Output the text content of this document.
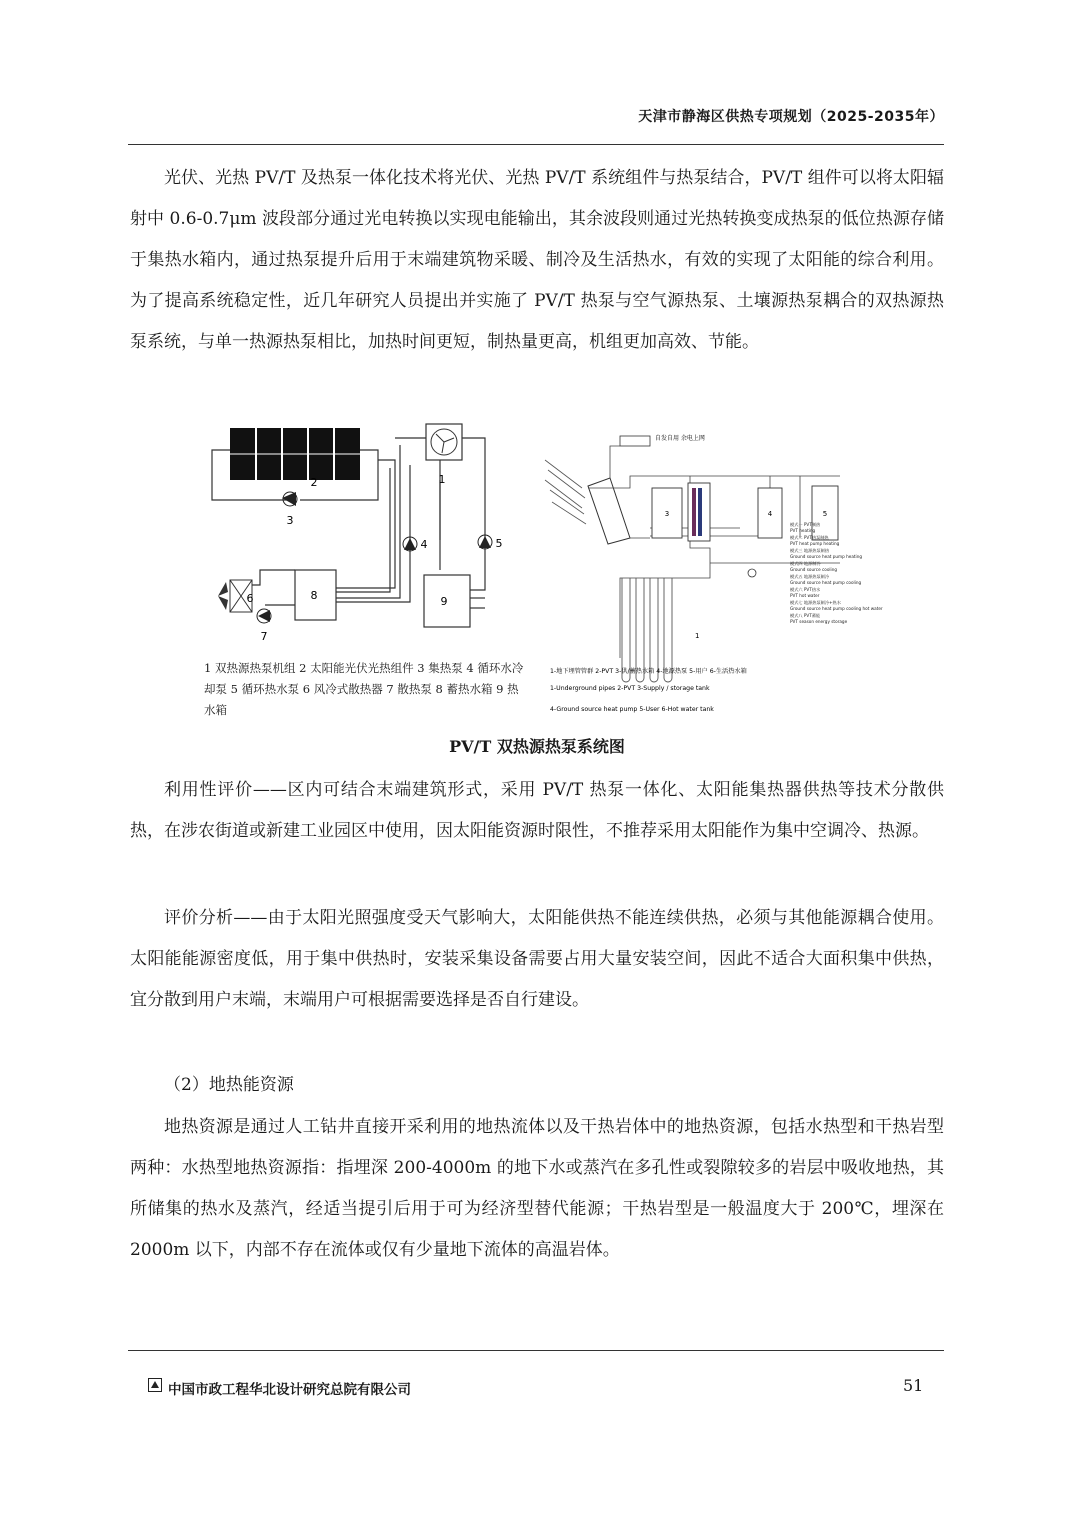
天津市静海区供热专项规划（2025-2035年）

光伏、光热 PV/T 及热泵一体化技术将光伏、光热 PV/T 系统组件与热泵结合，PV/T 组件可以将太阳辐射中 0.6-0.7μm 波段部分通过光电转换以实现电能输出，其余波段则通过光热转换变成热泵的低位热源存储于集热水箱内，通过热泵提升后用于末端建筑物采暖、制冷及生活热水，有效的实现了太阳能的综合利用。为了提高系统稳定性，近几年研究人员提出并实施了 PV/T 热泵与空气源热泵、土壤源热泵耦合的双热源热泵系统，与单一热源热泵相比，加热时间更短，制热量更高，机组更加高效、节能。

1
2
3
4	5
6
7
8	9
1 双热源热泵机组 2 太阳能光伏光热组件 3 集热泵 4 循环水冷却泵 5 循环热水泵 6 风冷式散热器 7 散热泵 8 蓄热水箱 9 热水箱
自发自用 余电上网
3	4	5
1
模式一 PVT制热
PVT heating
模式二 PVT热泵制热
PVT heat pump heating
模式三 地源热泵制热
Ground source heat pump heating
模式四 地源制冷
Ground source cooling
模式五 地源热泵制冷
Ground source heat pump cooling
模式六 PVT热水
PVT hot water
模式七 地源热泵制冷+热水
Ground source heat pump cooling hot water
模式八 PVT蓄能
PVT season energy storage
1-地下埋管管群 2-PVT 3-供/蓄热水箱 4-地源热泵 5-用户 6-生活热水箱
1-Underground pipes 2-PVT 3-Supply / storage tank
4-Ground source heat pump 5-User 6-Hot water tank
PV/T 双热源热泵系统图

利用性评价——区内可结合末端建筑形式，采用 PV/T 热泵一体化、太阳能集热器供热等技术分散供热，在涉农街道或新建工业园区中使用，因太阳能资源时限性，不推荐采用太阳能作为集中空调冷、热源。

评价分析——由于太阳光照强度受天气影响大，太阳能供热不能连续供热，必须与其他能源耦合使用。太阳能能源密度低，用于集中供热时，安装采集设备需要占用大量安装空间，因此不适合大面积集中供热，宜分散到用户末端，末端用户可根据需要选择是否自行建设。

（2）地热能资源

地热资源是通过人工钻井直接开采利用的地热流体以及干热岩体中的地热资源，包括水热型和干热岩型两种：水热型地热资源指：指埋深 200-4000m 的地下水或蒸汽在多孔性或裂隙较多的岩层中吸收地热，其所储集的热水及蒸汽，经适当提引后用于可为经济型替代能源；干热岩型是一般温度大于 200℃，埋深在 2000m 以下，内部不存在流体或仅有少量地下流体的高温岩体。

中国市政工程华北设计研究总院有限公司	51
